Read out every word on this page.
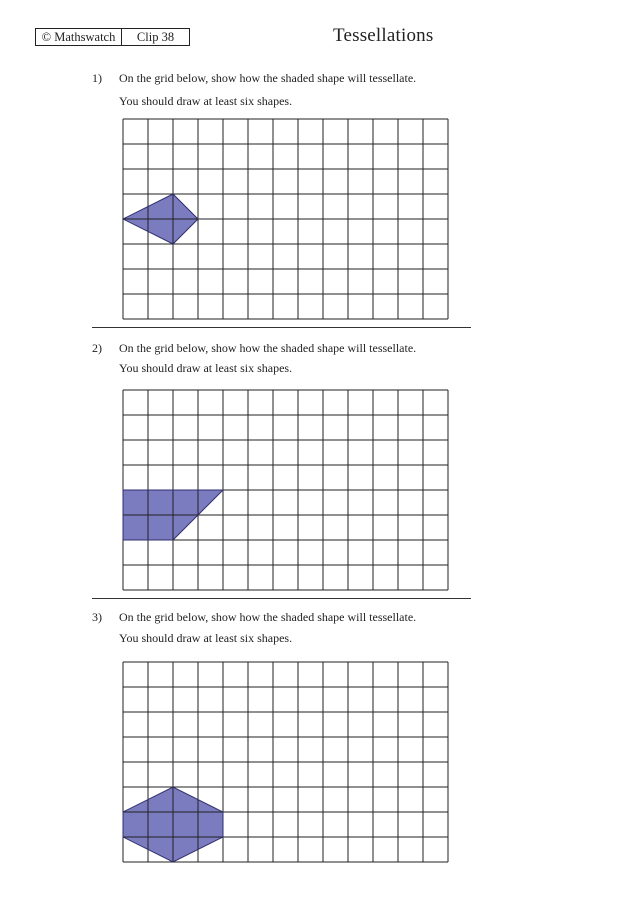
© Mathswatch	Clip 38	Tessellations
1) On the grid below, show how the shaded shape will tessellate.
You should draw at least six shapes.
2) On the grid below, show how the shaded shape will tessellate.
You should draw at least six shapes.
3) On the grid below, show how the shaded shape will tessellate.
You should draw at least six shapes.
